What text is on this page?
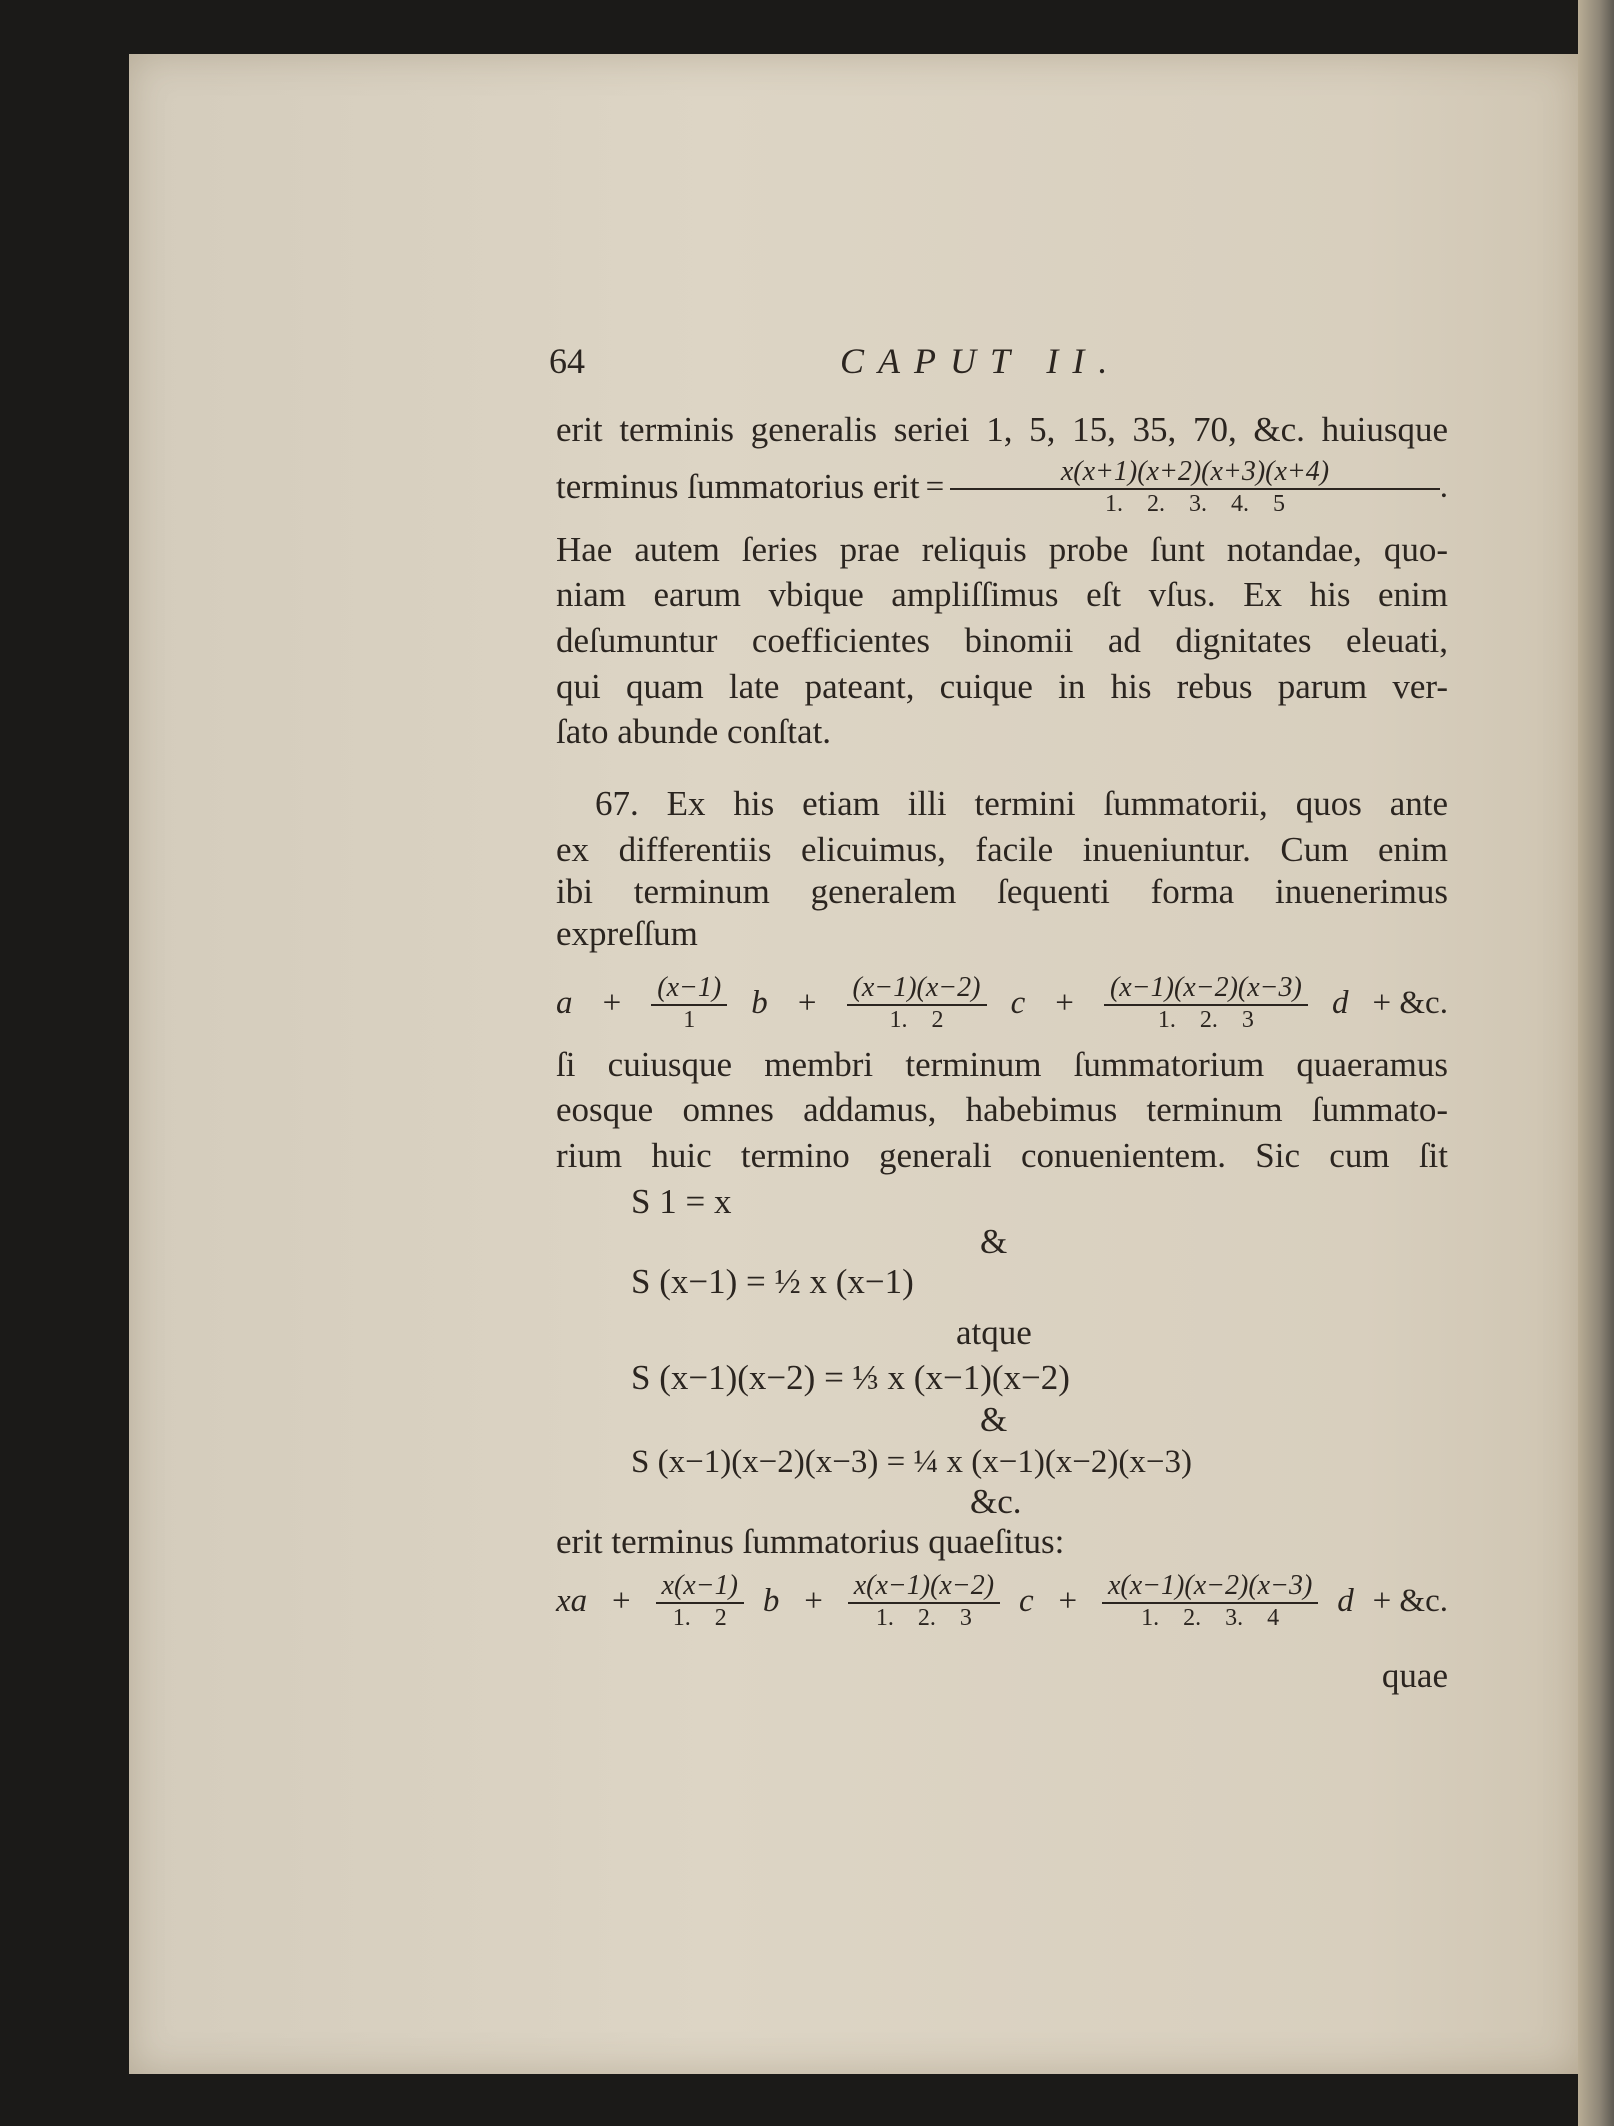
64	CAPUT II.
erit terminis generalis seriei 1, 5, 15, 35, 70, &c. huiusque
terminus ſummatorius erit = $\frac{x(x+1)(x+2)(x+3)(x+4)}{1. 2. 3. 4. 5}$ .
Hae autem ſeries prae reliquis probe ſunt notandae, quo-
niam earum vbique ampliſſimus eſt vſus. Ex his enim
deſumuntur coefficientes binomii ad dignitates eleuati,
qui quam late pateant, cuique in his rebus parum ver-
ſato abunde conſtat.
67. Ex his etiam illi termini ſummatorii, quos ante
ex differentiis elicuimus, facile inueniuntur. Cum enim
ibi terminum generalem ſequenti forma inuenerimus
expreſſum
$a + \frac{(x-1)}{1}$ $b + \frac{(x-1)(x-2)}{1. 2}$ $c + \frac{(x-1)(x-2)(x-3)}{1. 2. 3}$ d + &c.
ſi cuiusque membri terminum ſummatorium quaeramus
eosque omnes addamus, habebimus terminum ſummato-
rium huic termino generali conuenientem. Sic cum ſit
S 1 = x
&
S (x−1) = ½ x (x−1)
atque
S (x−1)(x−2) = ⅓ x (x−1)(x−2)
&
S (x−1)(x−2)(x−3) = ¼ x (x−1)(x−2)(x−3)
&c.
erit terminus ſummatorius quaeſitus:
xa + $\frac{x(x-1)}{1. 2}$ $b + \frac{x(x-1)(x-2)}{1. 2. 3}$ $c + \frac{x(x-1)(x-2)(x-3)}{1. 2. 3. 4}$ d + &c.
quae
